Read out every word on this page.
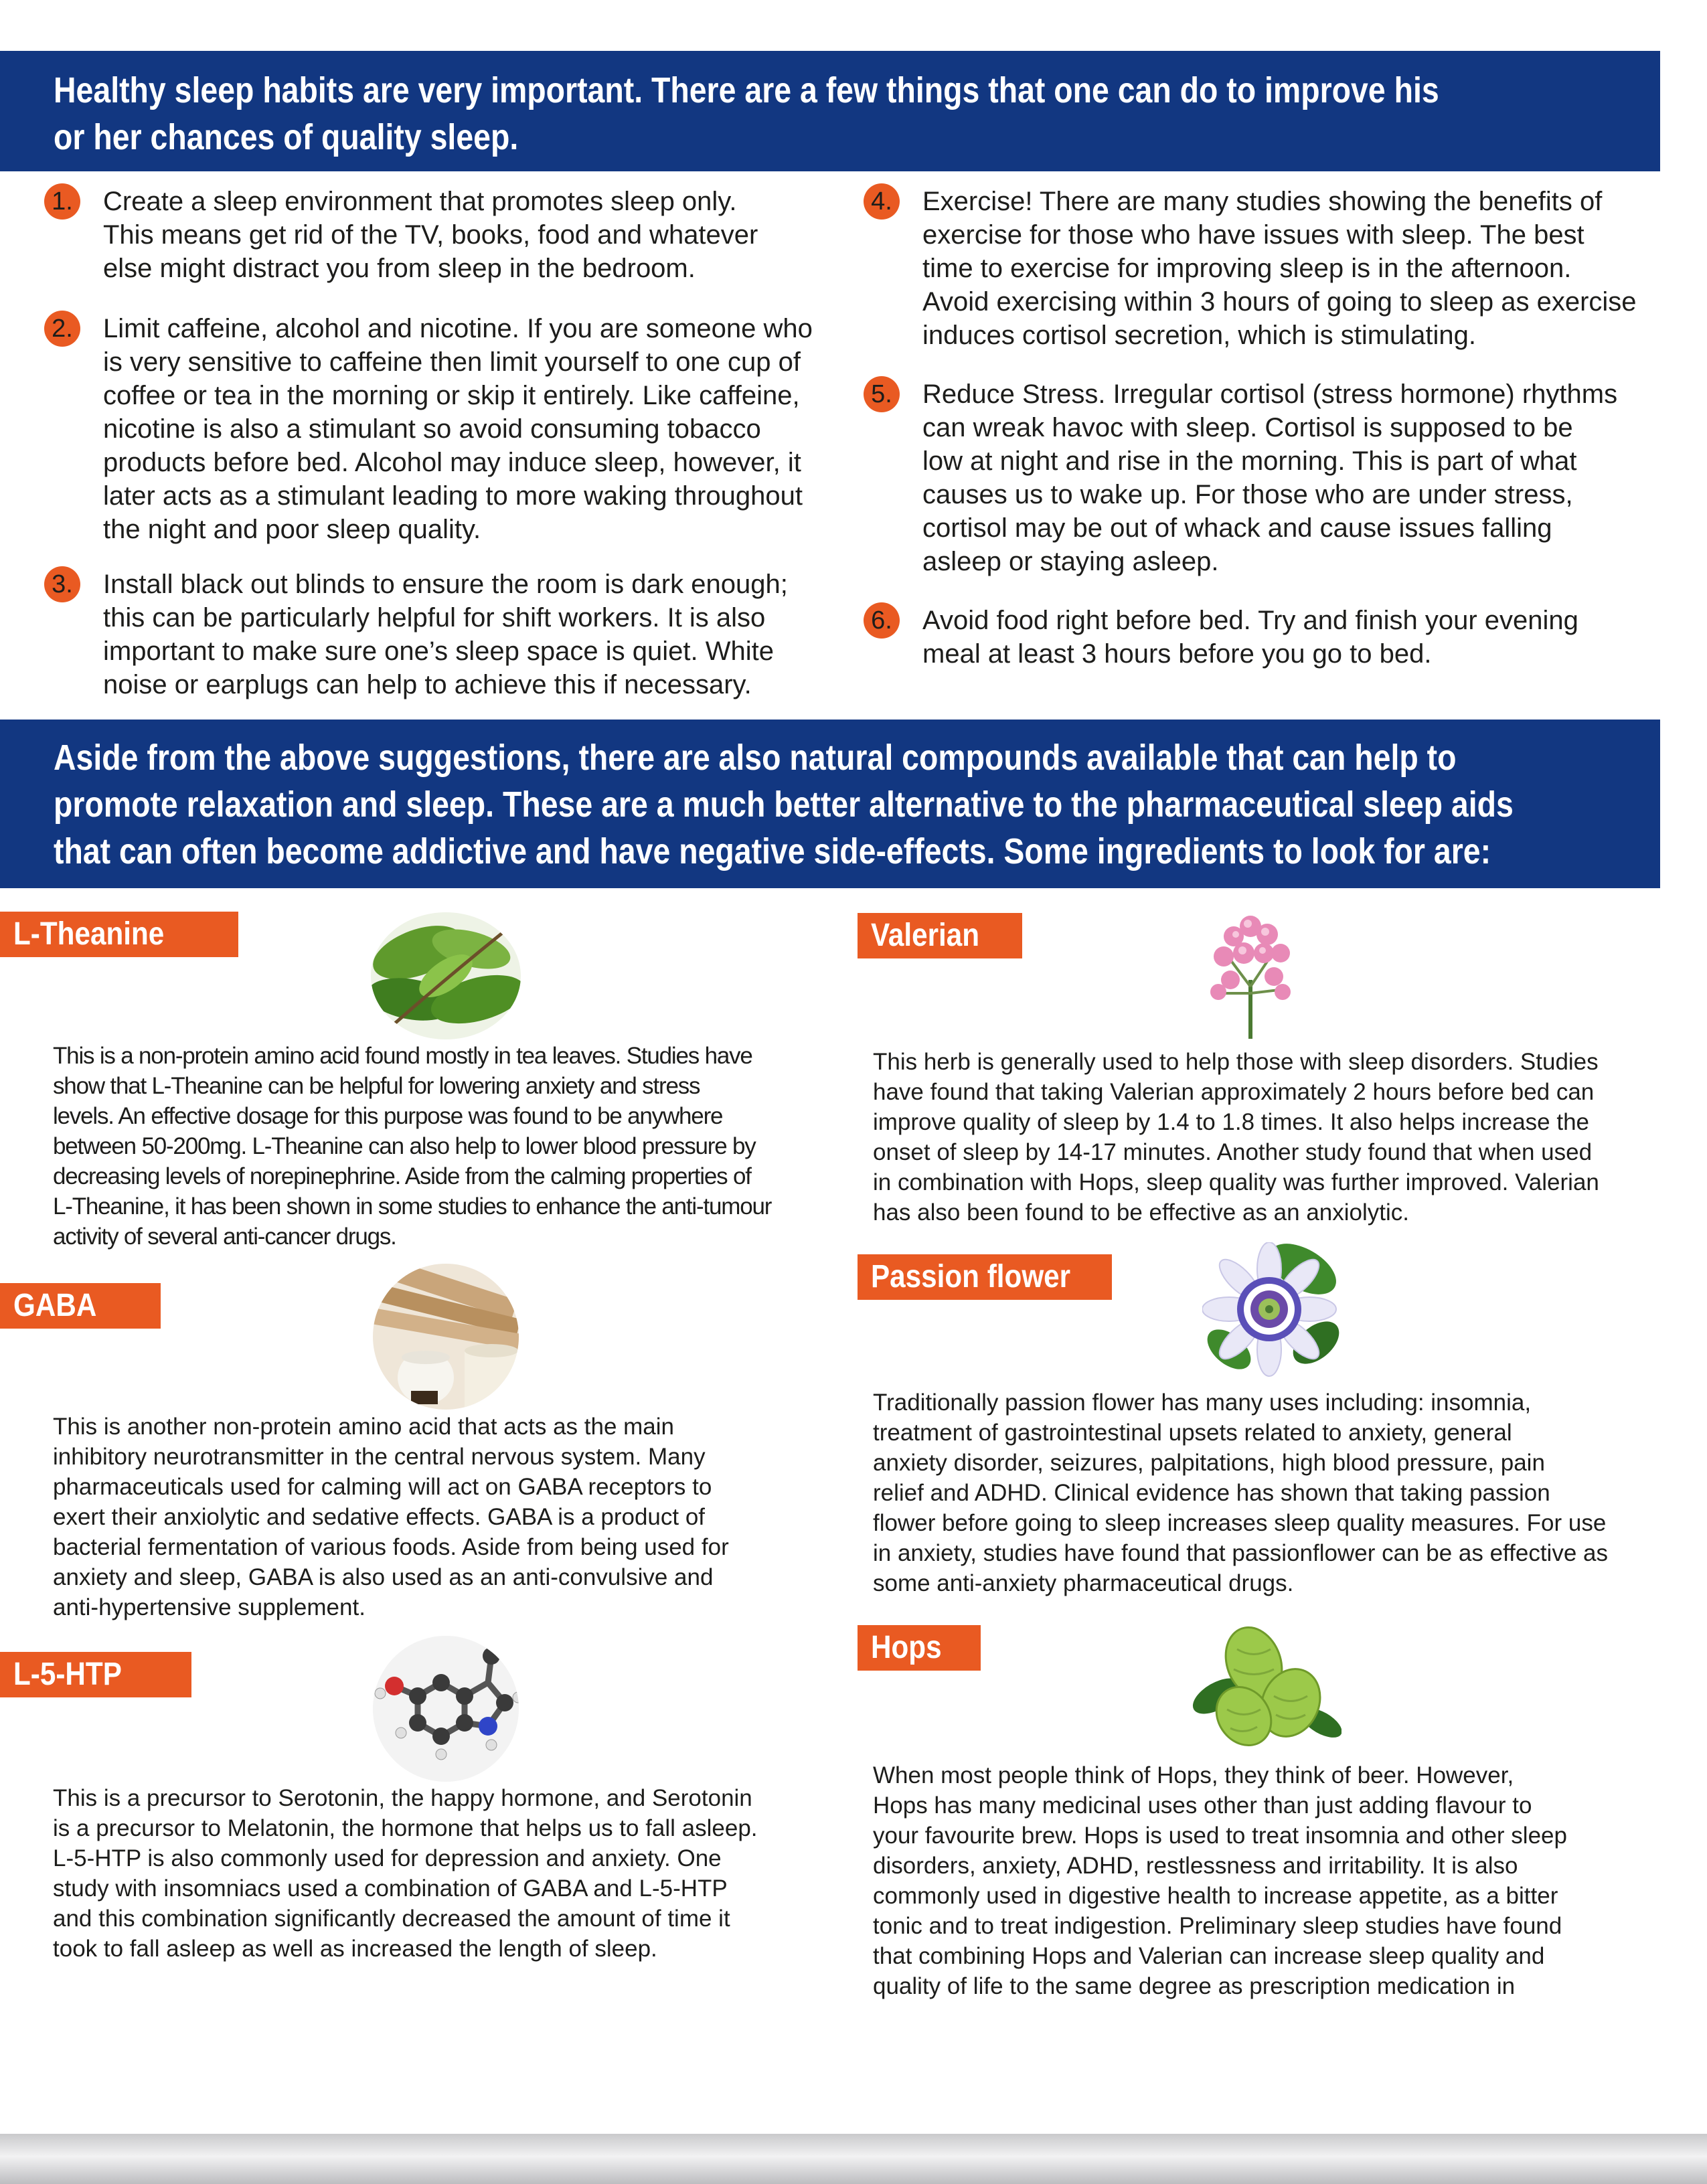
Healthy sleep habits are very important. There are a few things that one can do to improve his
or her chances of quality sleep.
1. Create a sleep environment that promotes sleep only.
This means get rid of the TV, books, food and whatever
else might distract you from sleep in the bedroom.
2. Limit caffeine, alcohol and nicotine. If you are someone who
is very sensitive to caffeine then limit yourself to one cup of
coffee or tea in the morning or skip it entirely. Like caffeine,
nicotine is also a stimulant so avoid consuming tobacco
products before bed. Alcohol may induce sleep, however, it
later acts as a stimulant leading to more waking throughout
the night and poor sleep quality.
3. Install black out blinds to ensure the room is dark enough;
this can be particularly helpful for shift workers. It is also
important to make sure one’s sleep space is quiet. White
noise or earplugs can help to achieve this if necessary.
4. Exercise! There are many studies showing the benefits of
exercise for those who have issues with sleep. The best
time to exercise for improving sleep is in the afternoon.
Avoid exercising within 3 hours of going to sleep as exercise
induces cortisol secretion, which is stimulating.
5. Reduce Stress. Irregular cortisol (stress hormone) rhythms
can wreak havoc with sleep. Cortisol is supposed to be
low at night and rise in the morning. This is part of what
causes us to wake up. For those who are under stress,
cortisol may be out of whack and cause issues falling
asleep or staying asleep.
6. Avoid food right before bed. Try and finish your evening
meal at least 3 hours before you go to bed.
Aside from the above suggestions, there are also natural compounds available that can help to
promote relaxation and sleep. These are a much better alternative to the pharmaceutical sleep aids
that can often become addictive and have negative side-effects. Some ingredients to look for are:
L-Theanine
This is a non-protein amino acid found mostly in tea leaves. Studies have
show that L-Theanine can be helpful for lowering anxiety and stress
levels. An effective dosage for this purpose was found to be anywhere
between 50-200mg. L-Theanine can also help to lower blood pressure by
decreasing levels of norepinephrine. Aside from the calming properties of
L-Theanine, it has been shown in some studies to enhance the anti-tumour
activity of several anti-cancer drugs.
GABA
This is another non-protein amino acid that acts as the main
inhibitory neurotransmitter in the central nervous system. Many
pharmaceuticals used for calming will act on GABA receptors to
exert their anxiolytic and sedative effects. GABA is a product of
bacterial fermentation of various foods. Aside from being used for
anxiety and sleep, GABA is also used as an anti-convulsive and
anti-hypertensive supplement.
L-5-HTP
This is a precursor to Serotonin, the happy hormone, and Serotonin
is a precursor to Melatonin, the hormone that helps us to fall asleep.
L-5-HTP is also commonly used for depression and anxiety. One
study with insomniacs used a combination of GABA and L-5-HTP
and this combination significantly decreased the amount of time it
took to fall asleep as well as increased the length of sleep.
Valerian
This herb is generally used to help those with sleep disorders. Studies
have found that taking Valerian approximately 2 hours before bed can
improve quality of sleep by 1.4 to 1.8 times. It also helps increase the
onset of sleep by 14-17 minutes. Another study found that when used
in combination with Hops, sleep quality was further improved. Valerian
has also been found to be effective as an anxiolytic.
Passion flower
Traditionally passion flower has many uses including: insomnia,
treatment of gastrointestinal upsets related to anxiety, general
anxiety disorder, seizures, palpitations, high blood pressure, pain
relief and ADHD. Clinical evidence has shown that taking passion
flower before going to sleep increases sleep quality measures. For use
in anxiety, studies have found that passionflower can be as effective as
some anti-anxiety pharmaceutical drugs.
Hops
When most people think of Hops, they think of beer. However,
Hops has many medicinal uses other than just adding flavour to
your favourite brew. Hops is used to treat insomnia and other sleep
disorders, anxiety, ADHD, restlessness and irritability. It is also
commonly used in digestive health to increase appetite, as a bitter
tonic and to treat indigestion. Preliminary sleep studies have found
that combining Hops and Valerian can increase sleep quality and
quality of life to the same degree as prescription medication in
